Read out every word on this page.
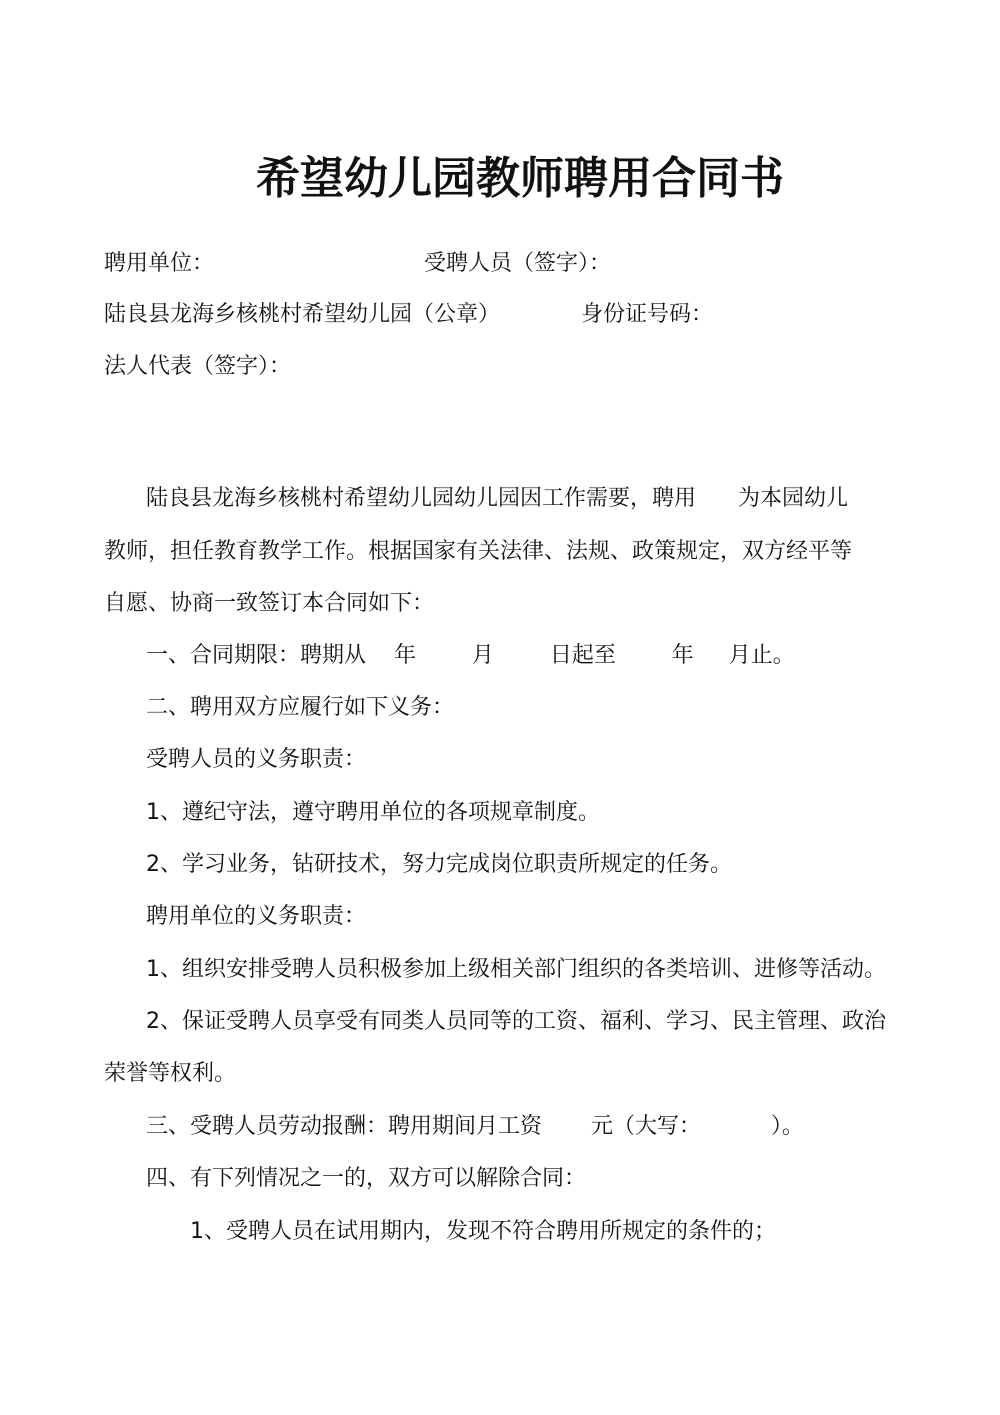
希望幼儿园教师聘用合同书
聘用单位：	受聘人员（签字）：
陆良县龙海乡核桃村希望幼儿园（公章）	身份证号码：
法人代表（签字）：
陆良县龙海乡核桃村希望幼儿园幼儿园因工作需要，聘用      为本园幼儿
教师，担任教育教学工作。根据国家有关法律、法规、政策规定，双方经平等
自愿、协商一致签订本合同如下：
一、合同期限：聘期从    年        月        日起至        年     月止。
二、聘用双方应履行如下义务：
受聘人员的义务职责：
1、遵纪守法，遵守聘用单位的各项规章制度。
2、学习业务，钻研技术，努力完成岗位职责所规定的任务。
聘用单位的义务职责：
1、组织安排受聘人员积极参加上级相关部门组织的各类培训、进修等活动。
2、保证受聘人员享受有同类人员同等的工资、福利、学习、民主管理、政治
荣誉等权利。
三、受聘人员劳动报酬：聘用期间月工资       元（大写：          ）。
四、有下列情况之一的，双方可以解除合同：
1、受聘人员在试用期内，发现不符合聘用所规定的条件的；
